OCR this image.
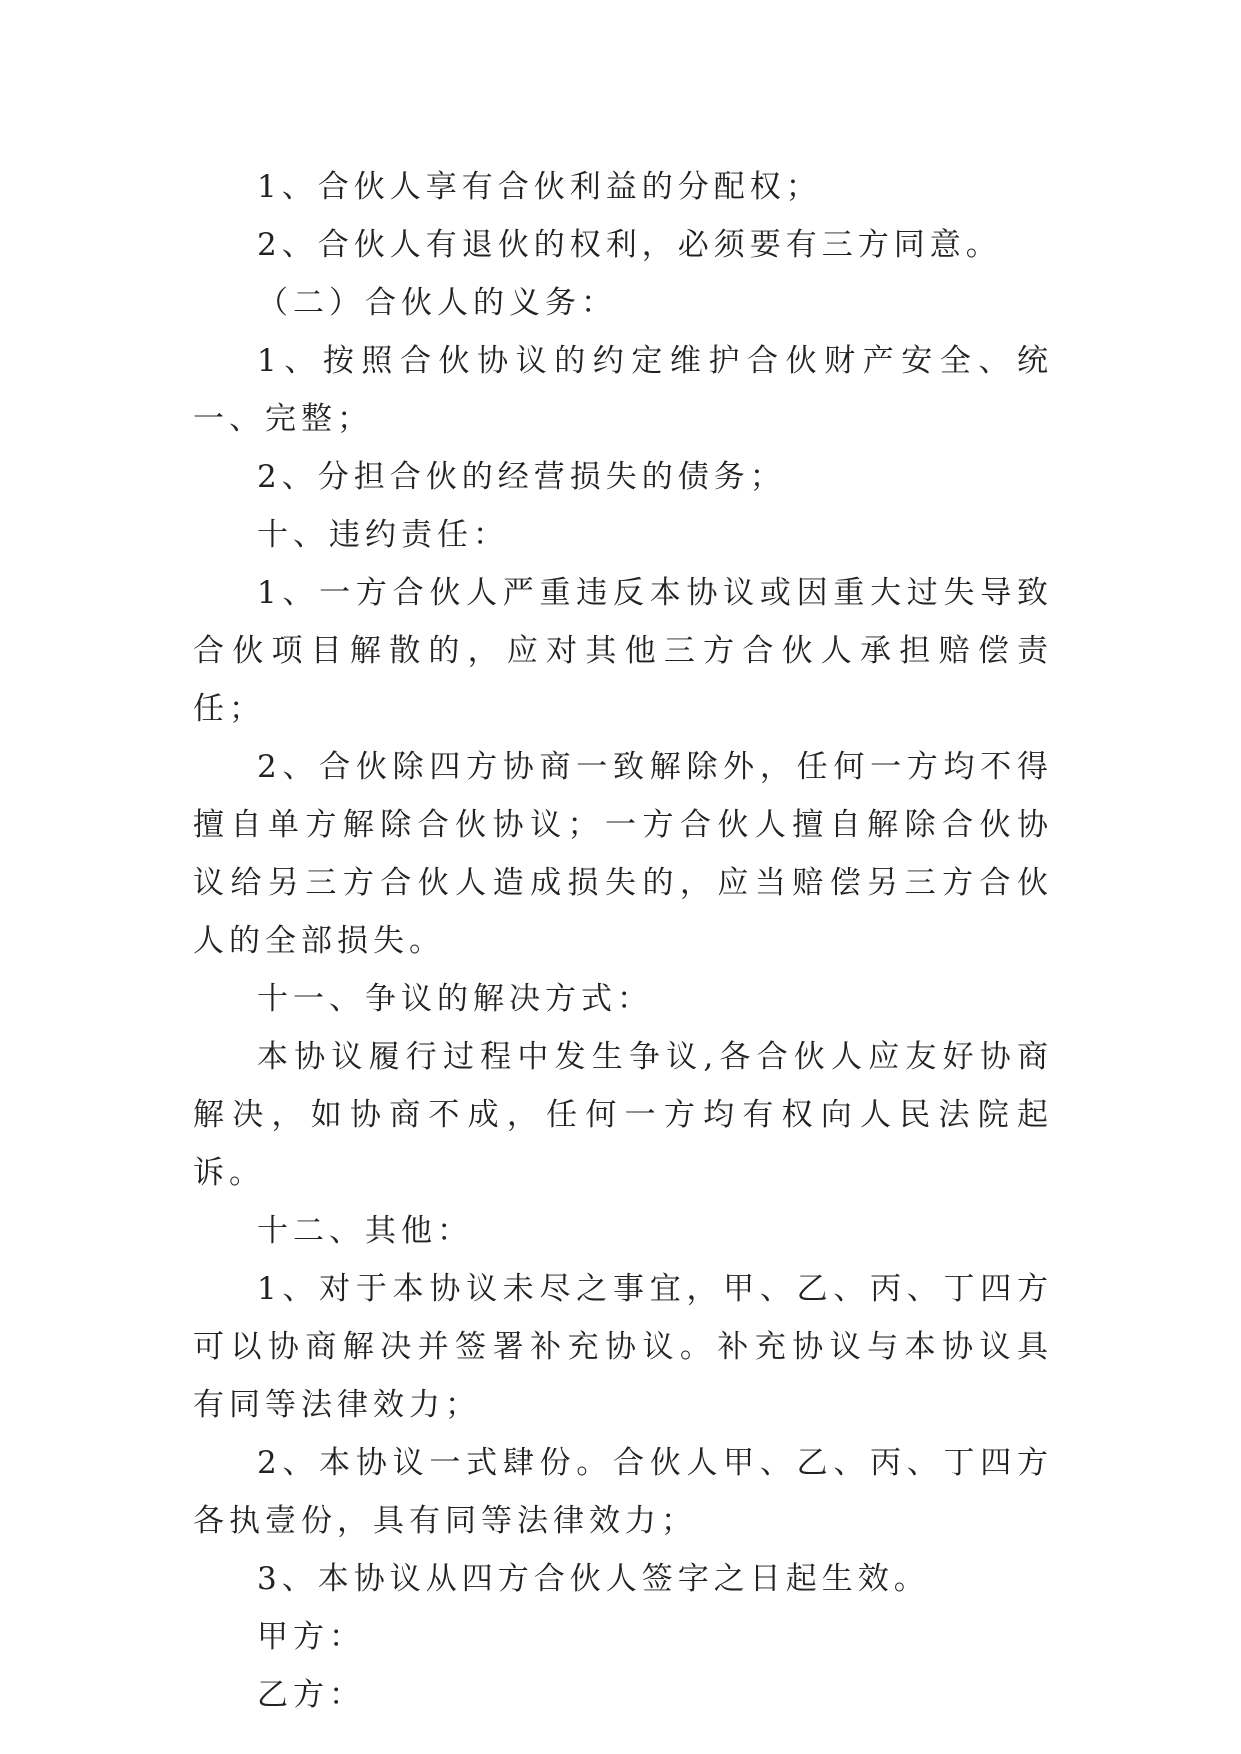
1、合伙人享有合伙利益的分配权；

2、合伙人有退伙的权利，必须要有三方同意。

（二）合伙人的义务：

1、按照合伙协议的约定维护合伙财产安全、统一、完整；

2、分担合伙的经营损失的债务；

十、违约责任：

1、一方合伙人严重违反本协议或因重大过失导致合伙项目解散的，应对其他三方合伙人承担赔偿责任；

2、合伙除四方协商一致解除外，任何一方均不得擅自单方解除合伙协议；一方合伙人擅自解除合伙协议给另三方合伙人造成损失的，应当赔偿另三方合伙人的全部损失。

十一、争议的解决方式：

本协议履行过程中发生争议,各合伙人应友好协商解决，如协商不成，任何一方均有权向人民法院起诉。

十二、其他：

1、对于本协议未尽之事宜，甲、乙、丙、丁四方可以协商解决并签署补充协议。补充协议与本协议具有同等法律效力；

2、本协议一式肆份。合伙人甲、乙、丙、丁四方各执壹份，具有同等法律效力；

3、本协议从四方合伙人签字之日起生效。

甲方：

乙方：
